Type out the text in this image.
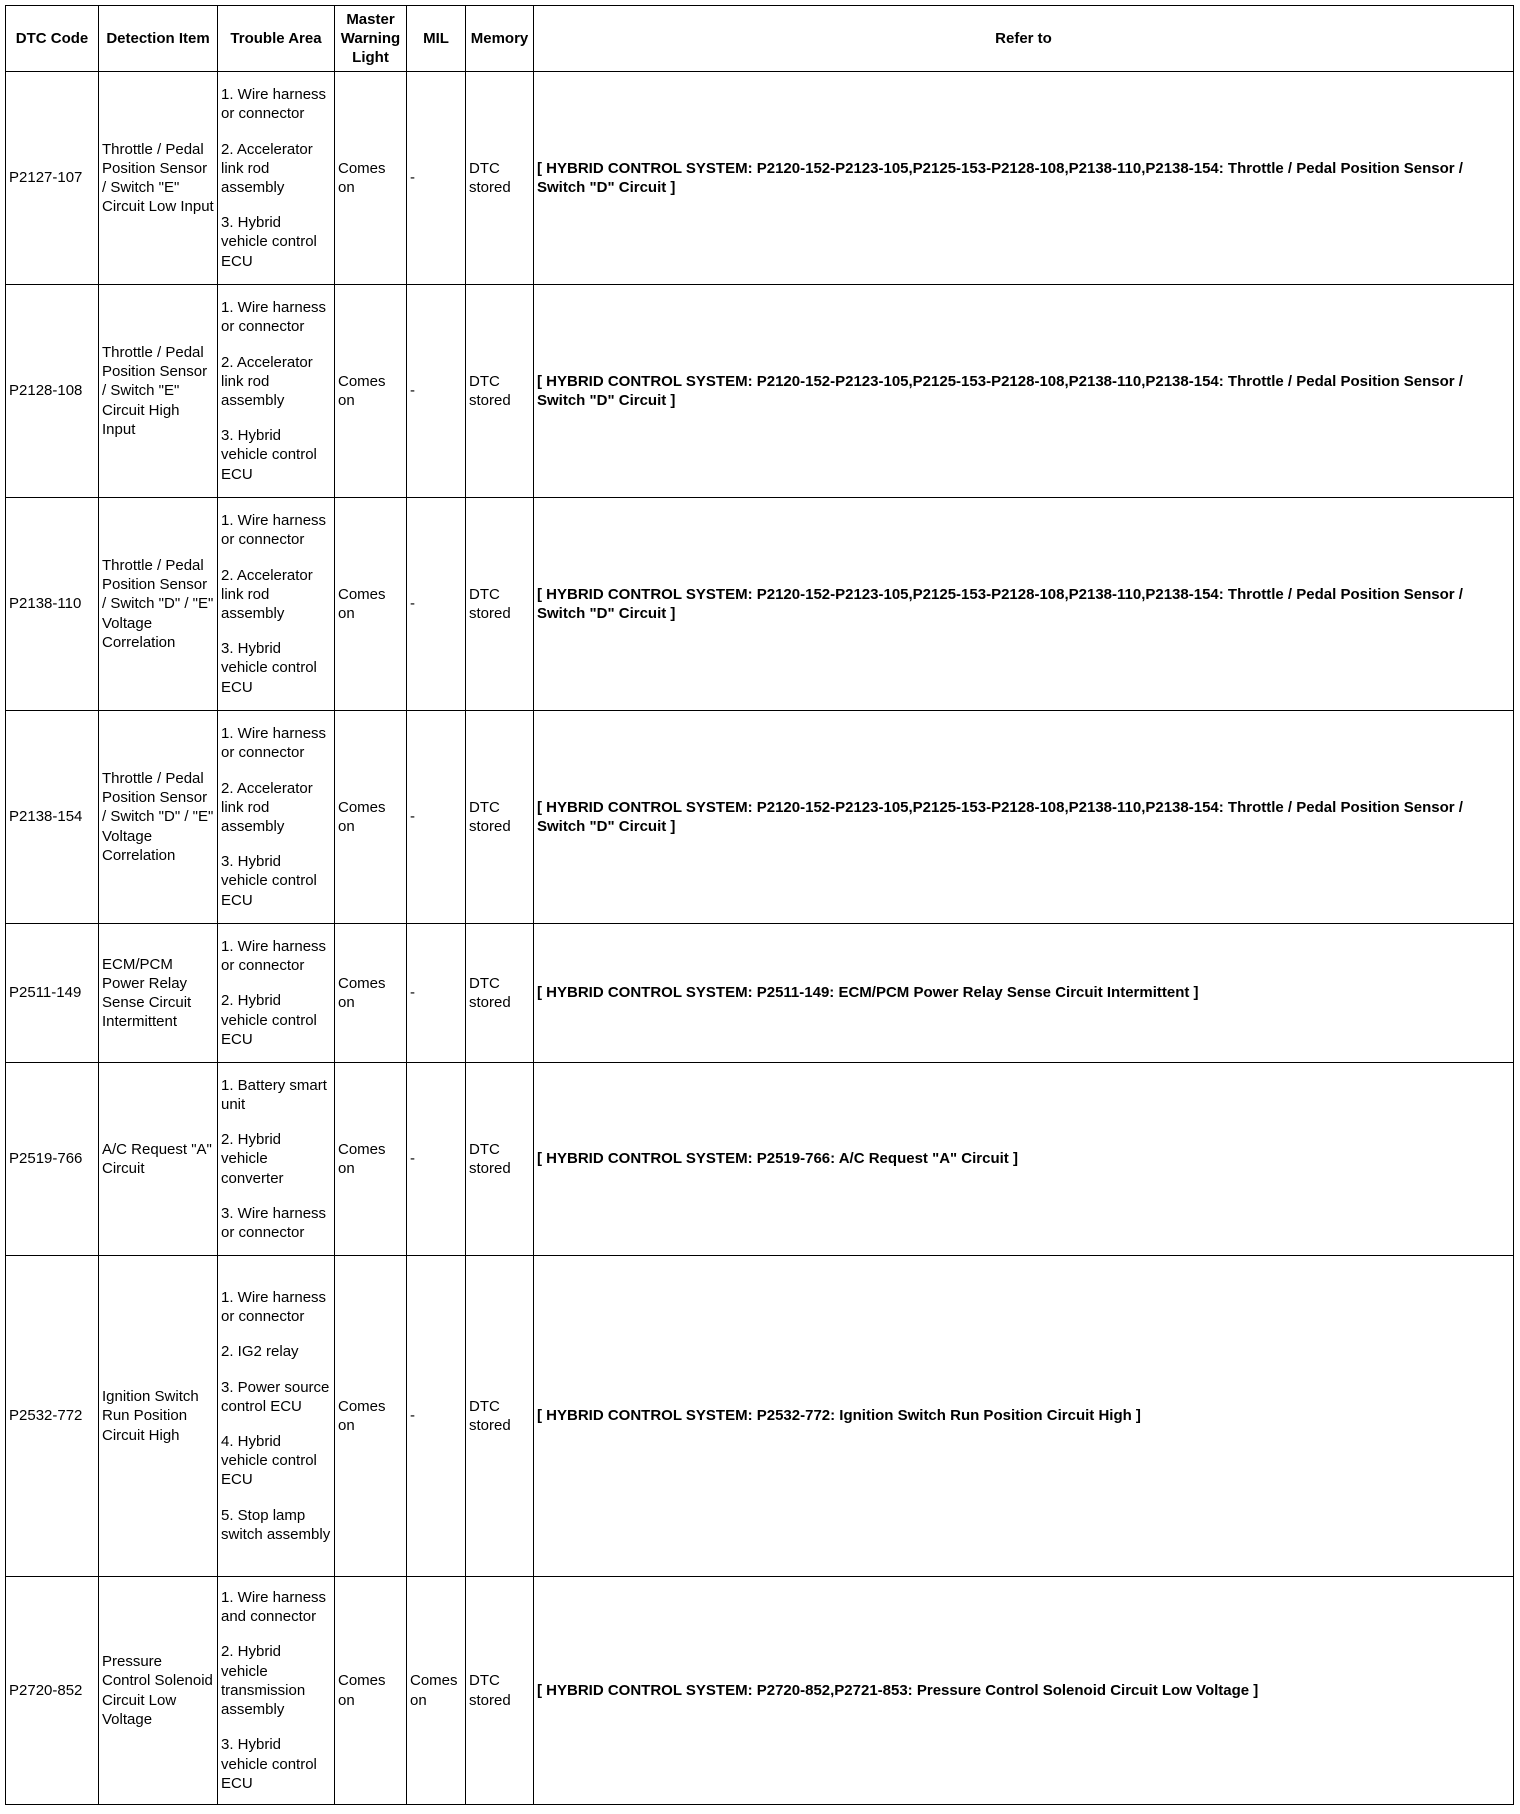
DTC Code	Detection Item	Trouble Area	Master Warning Light	MIL	Memory	Refer to
P2127-107	Throttle / Pedal Position Sensor / Switch "E" Circuit Low Input	1. Wire harness or connector
2. Accelerator link rod assembly
3. Hybrid vehicle control ECU	Comes on	-	DTC stored	[ HYBRID CONTROL SYSTEM: P2120-152-P2123-105,P2125-153-P2128-108,P2138-110,P2138-154: Throttle / Pedal Position Sensor / Switch "D" Circuit ]
P2128-108	Throttle / Pedal Position Sensor / Switch "E" Circuit High Input	1. Wire harness or connector
2. Accelerator link rod assembly
3. Hybrid vehicle control ECU	Comes on	-	DTC stored	[ HYBRID CONTROL SYSTEM: P2120-152-P2123-105,P2125-153-P2128-108,P2138-110,P2138-154: Throttle / Pedal Position Sensor / Switch "D" Circuit ]
P2138-110	Throttle / Pedal Position Sensor / Switch "D" / "E" Voltage Correlation	1. Wire harness or connector
2. Accelerator link rod assembly
3. Hybrid vehicle control ECU	Comes on	-	DTC stored	[ HYBRID CONTROL SYSTEM: P2120-152-P2123-105,P2125-153-P2128-108,P2138-110,P2138-154: Throttle / Pedal Position Sensor / Switch "D" Circuit ]
P2138-154	Throttle / Pedal Position Sensor / Switch "D" / "E" Voltage Correlation	1. Wire harness or connector
2. Accelerator link rod assembly
3. Hybrid vehicle control ECU	Comes on	-	DTC stored	[ HYBRID CONTROL SYSTEM: P2120-152-P2123-105,P2125-153-P2128-108,P2138-110,P2138-154: Throttle / Pedal Position Sensor / Switch "D" Circuit ]
P2511-149	ECM/PCM Power Relay Sense Circuit Intermittent	1. Wire harness or connector
2. Hybrid vehicle control ECU	Comes on	-	DTC stored	[ HYBRID CONTROL SYSTEM: P2511-149: ECM/PCM Power Relay Sense Circuit Intermittent ]
P2519-766	A/C Request "A" Circuit	1. Battery smart unit
2. Hybrid vehicle converter
3. Wire harness or connector	Comes on	-	DTC stored	[ HYBRID CONTROL SYSTEM: P2519-766: A/C Request "A" Circuit ]
P2532-772	Ignition Switch Run Position Circuit High	1. Wire harness or connector
2. IG2 relay
3. Power source control ECU
4. Hybrid vehicle control ECU
5. Stop lamp switch assembly	Comes on	-	DTC stored	[ HYBRID CONTROL SYSTEM: P2532-772: Ignition Switch Run Position Circuit High ]
P2720-852	Pressure Control Solenoid Circuit Low Voltage	1. Wire harness and connector
2. Hybrid vehicle transmission assembly
3. Hybrid vehicle control ECU	Comes on	Comes on	DTC stored	[ HYBRID CONTROL SYSTEM: P2720-852,P2721-853: Pressure Control Solenoid Circuit Low Voltage ]
